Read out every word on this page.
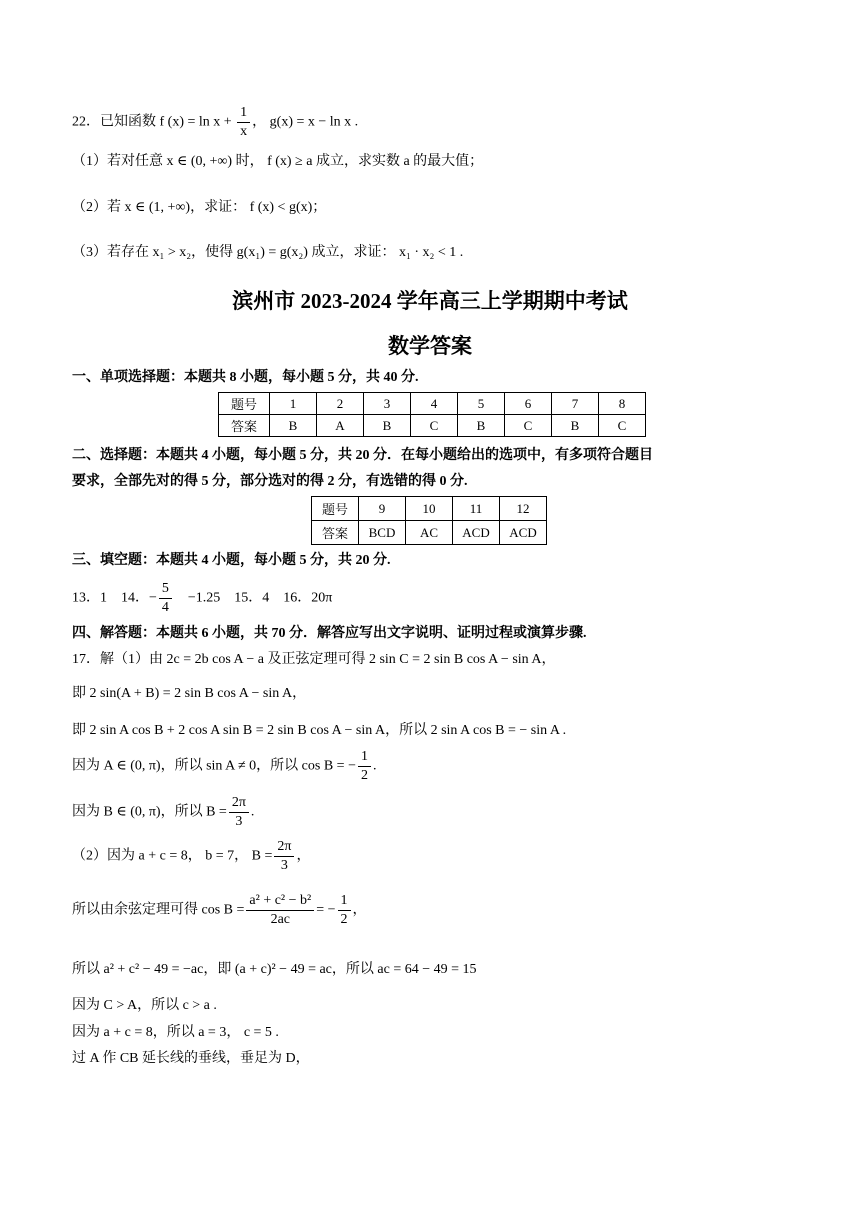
22．已知函数 f $(x) = \ln x + \frac{1}{x}$ ， g(x) = x − ln x .
（1）若对任意 x ∈ (0, +∞) 时， f (x) ≥ a 成立，求实数 a 的最大值；
（2）若 x ∈ (1, +∞)，求证： f (x) < g(x)；
（3）若存在 x₁ > x₂，使得 g(x₁) = g(x₂) 成立，求证： x₁ · x₂ < 1 .
滨州市 2023-2024 学年高三上学期期中考试
数学答案
一、单项选择题：本题共 8 小题，每小题 5 分，共 40 分.
题号	1	2	3	4	5	6	7	8
答案	B	A	B	C	B	C	B	C
二、选择题：本题共 4 小题，每小题 5 分，共 20 分．在每小题给出的选项中，有多项符合题目
要求，全部先对的得 5 分，部分选对的得 2 分，有选错的得 0 分.
题号	9	10	11	12
答案	BCD	AC	ACD	ACD
三、填空题：本题共 4 小题，每小题 5 分，共 20 分.
13．1　14．− $\frac{5}{4}$ 　−1.25　15．4　16．20π
四、解答题：本题共 6 小题，共 70 分．解答应写出文字说明、证明过程或演算步骤.
17．解（1）由 2c = 2b cos A − a 及正弦定理可得 2 sin C = 2 sin B cos A − sin A，
即 2 sin(A + B) = 2 sin B cos A − sin A，
即 2 sin A cos B + 2 cos A sin B = 2 sin B cos A − sin A，所以 2 sin A cos B = − sin A .
因为 A ∈ (0, π)，所以 sin A ≠ 0，所以 cos B = − $\frac{1}{2}$ .
因为 B ∈ (0, π)，所以 $B = \frac{2\pi}{3}$ .
（2）因为 a + c = 8， b = 7， $B = \frac{2\pi}{3}$ ，
所以由余弦定理可得 $\cos B = \frac{\text{a² + c² − b²}}{2ac}$ = − $\frac{1}{2}$ ，
所以 a² + c² − 49 = −ac，即 (a + c)² − 49 = ac，所以 ac = 64 − 49 = 15
因为 C > A，所以 c > a .
因为 a + c = 8，所以 a = 3， c = 5 .
过 A 作 CB 延长线的垂线，垂足为 D，
